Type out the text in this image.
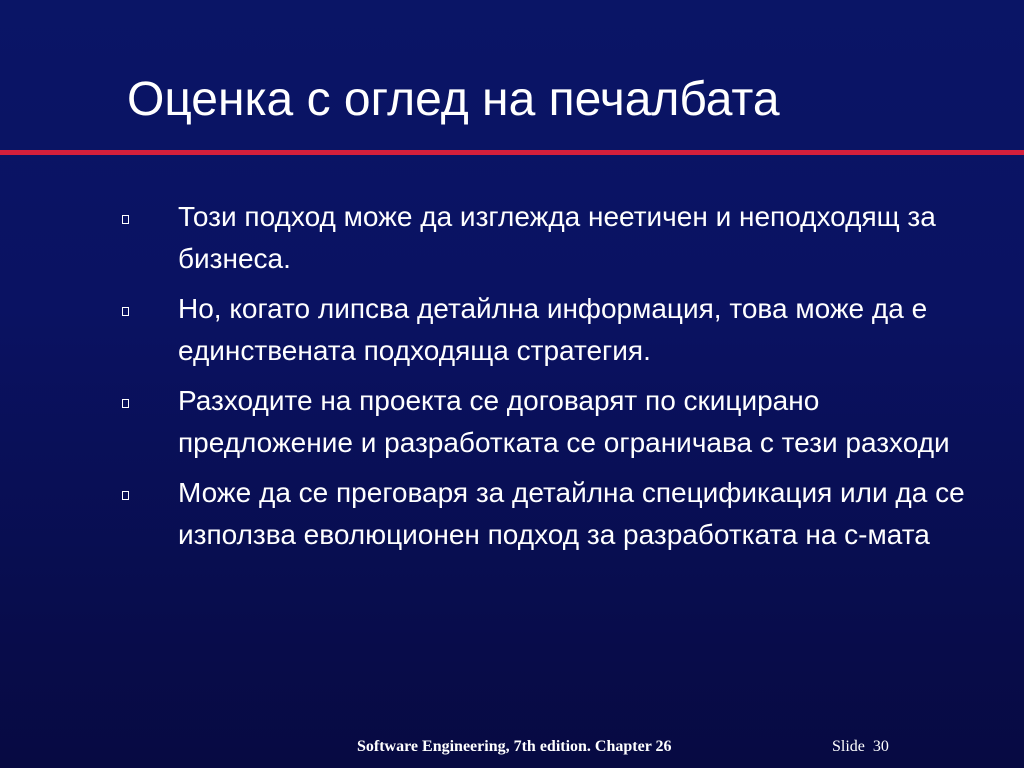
Оценка с оглед на печалбата
Този подход може да изглежда неетичен и неподходящ за бизнеса.
Но, когато липсва детайлна информация, това може да е единствената подходяща стратегия.
Разходите на проекта се договарят по скицирано предложение и разработката се ограничава с тези разходи
Може да се преговаря за детайлна спецификация или да се използва еволюционен подход за разработката на с-мата
Software Engineering, 7th edition. Chapter 26	Slide 30
